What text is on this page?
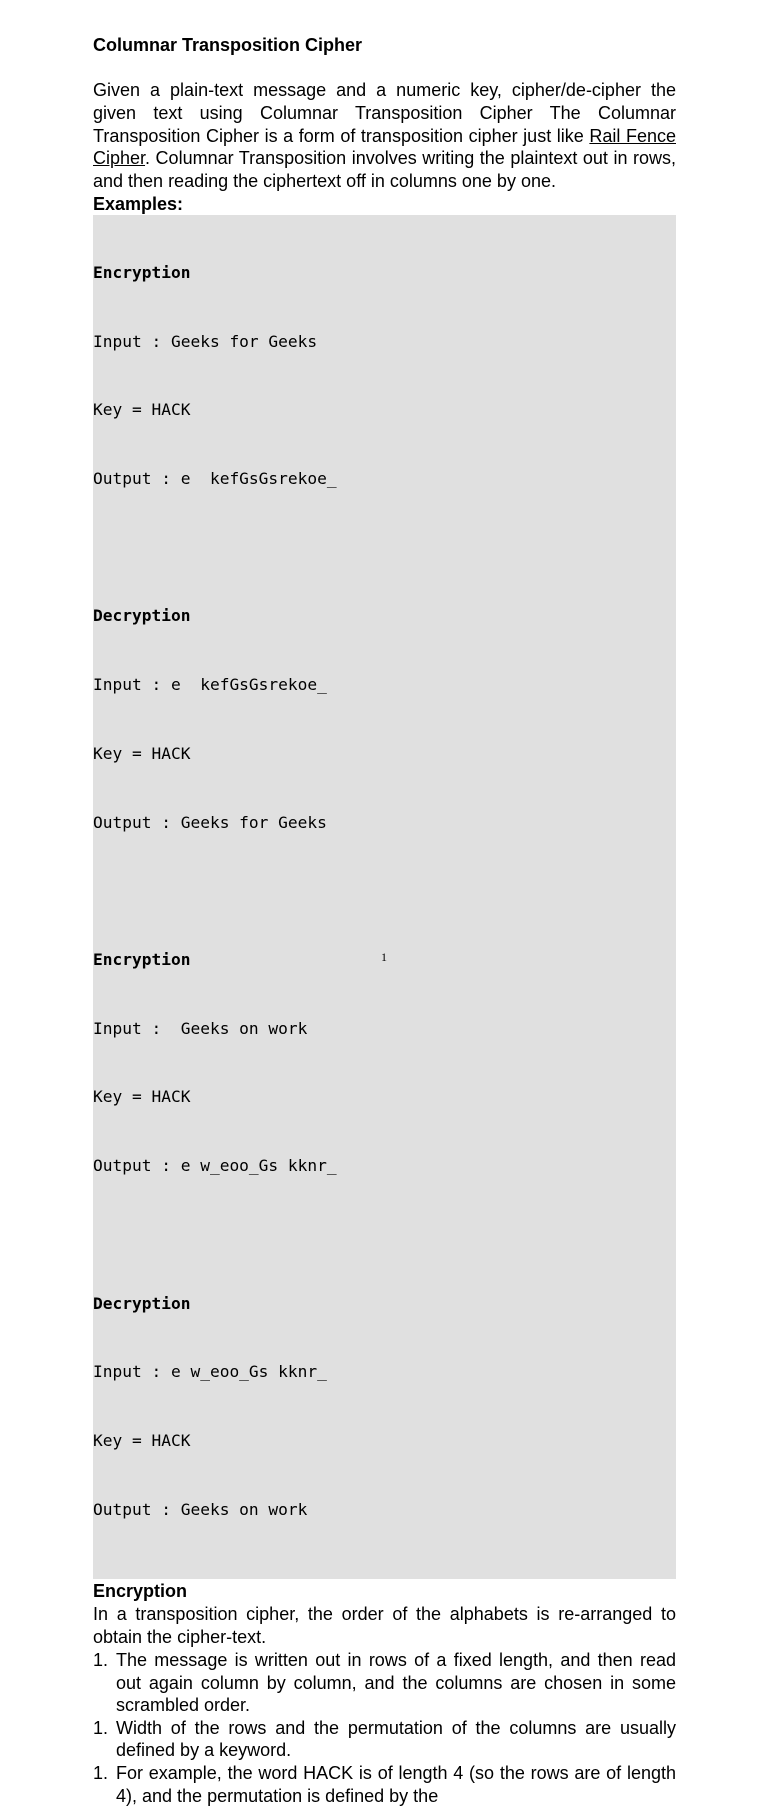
Columnar Transposition Cipher

Given a plain-text message and a numeric key, cipher/de-cipher the given text using Columnar Transposition Cipher The Columnar Transposition Cipher is a form of transposition cipher just like Rail Fence Cipher. Columnar Transposition involves writing the plaintext out in rows, and then reading the ciphertext off in columns one by one.

Examples:

Encryption

Input : Geeks for Geeks

Key = HACK

Output : e  kefGsGsrekoe_

Decryption

Input : e  kefGsGsrekoe_

Key = HACK

Output : Geeks for Geeks

Encryption

Input :  Geeks on work

Key = HACK

Output : e w_eoo_Gs kknr_

Decryption

Input : e w_eoo_Gs kknr_

Key = HACK

Output : Geeks on work

Encryption

In a transposition cipher, the order of the alphabets is re-arranged to obtain the cipher-text.

1. The message is written out in rows of a fixed length, and then read out again column by column, and the columns are chosen in some scrambled order.
1. Width of the rows and the permutation of the columns are usually defined by a keyword.
1. For example, the word HACK is of length 4 (so the rows are of length 4), and the permutation is defined by the
1
